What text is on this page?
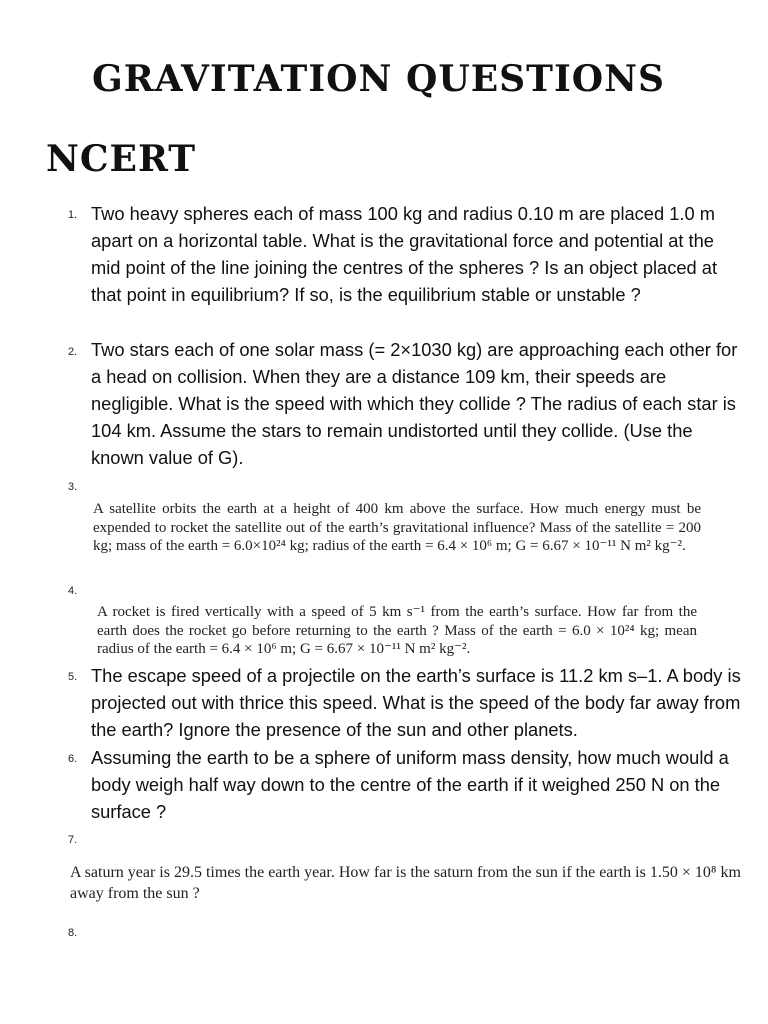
GRAVITATION QUESTIONS
NCERT
1. Two heavy spheres each of mass 100 kg and radius 0.10 m are placed 1.0 m apart on a horizontal table. What is the gravitational force and potential at the mid point of the line joining the centres of the spheres ? Is an object placed at that point in equilibrium? If so, is the equilibrium stable or unstable ?

2. Two stars each of one solar mass (= 2×1030 kg) are approaching each other for a head on collision. When they are a distance 109 km, their speeds are negligible. What is the speed with which they collide ? The radius of each star is 104 km. Assume the stars to remain undistorted until they collide. (Use the known value of G).

3.

A satellite orbits the earth at a height of 400 km above the surface. How much energy must be expended to rocket the satellite out of the earth’s gravitational influence? Mass of the satellite = 200 kg; mass of the earth = 6.0×10²⁴ kg; radius of the earth = 6.4 × 10⁶ m; G = 6.67 × 10⁻¹¹ N m² kg⁻².

4.

A rocket is fired vertically with a speed of 5 km s⁻¹ from the earth’s surface. How far from the earth does the rocket go before returning to the earth ? Mass of the earth = 6.0 × 10²⁴ kg; mean radius of the earth = 6.4 × 10⁶ m; G = 6.67 × 10⁻¹¹ N m² kg⁻².

5. The escape speed of a projectile on the earth’s surface is 11.2 km s–1. A body is projected out with thrice this speed. What is the speed of the body far away from the earth? Ignore the presence of the sun and other planets.

6. Assuming the earth to be a sphere of uniform mass density, how much would a body weigh half way down to the centre of the earth if it weighed 250 N on the surface ?

7.

A saturn year is 29.5 times the earth year. How far is the saturn from the sun if the earth is 1.50 × 10⁸ km away from the sun ?

8.
